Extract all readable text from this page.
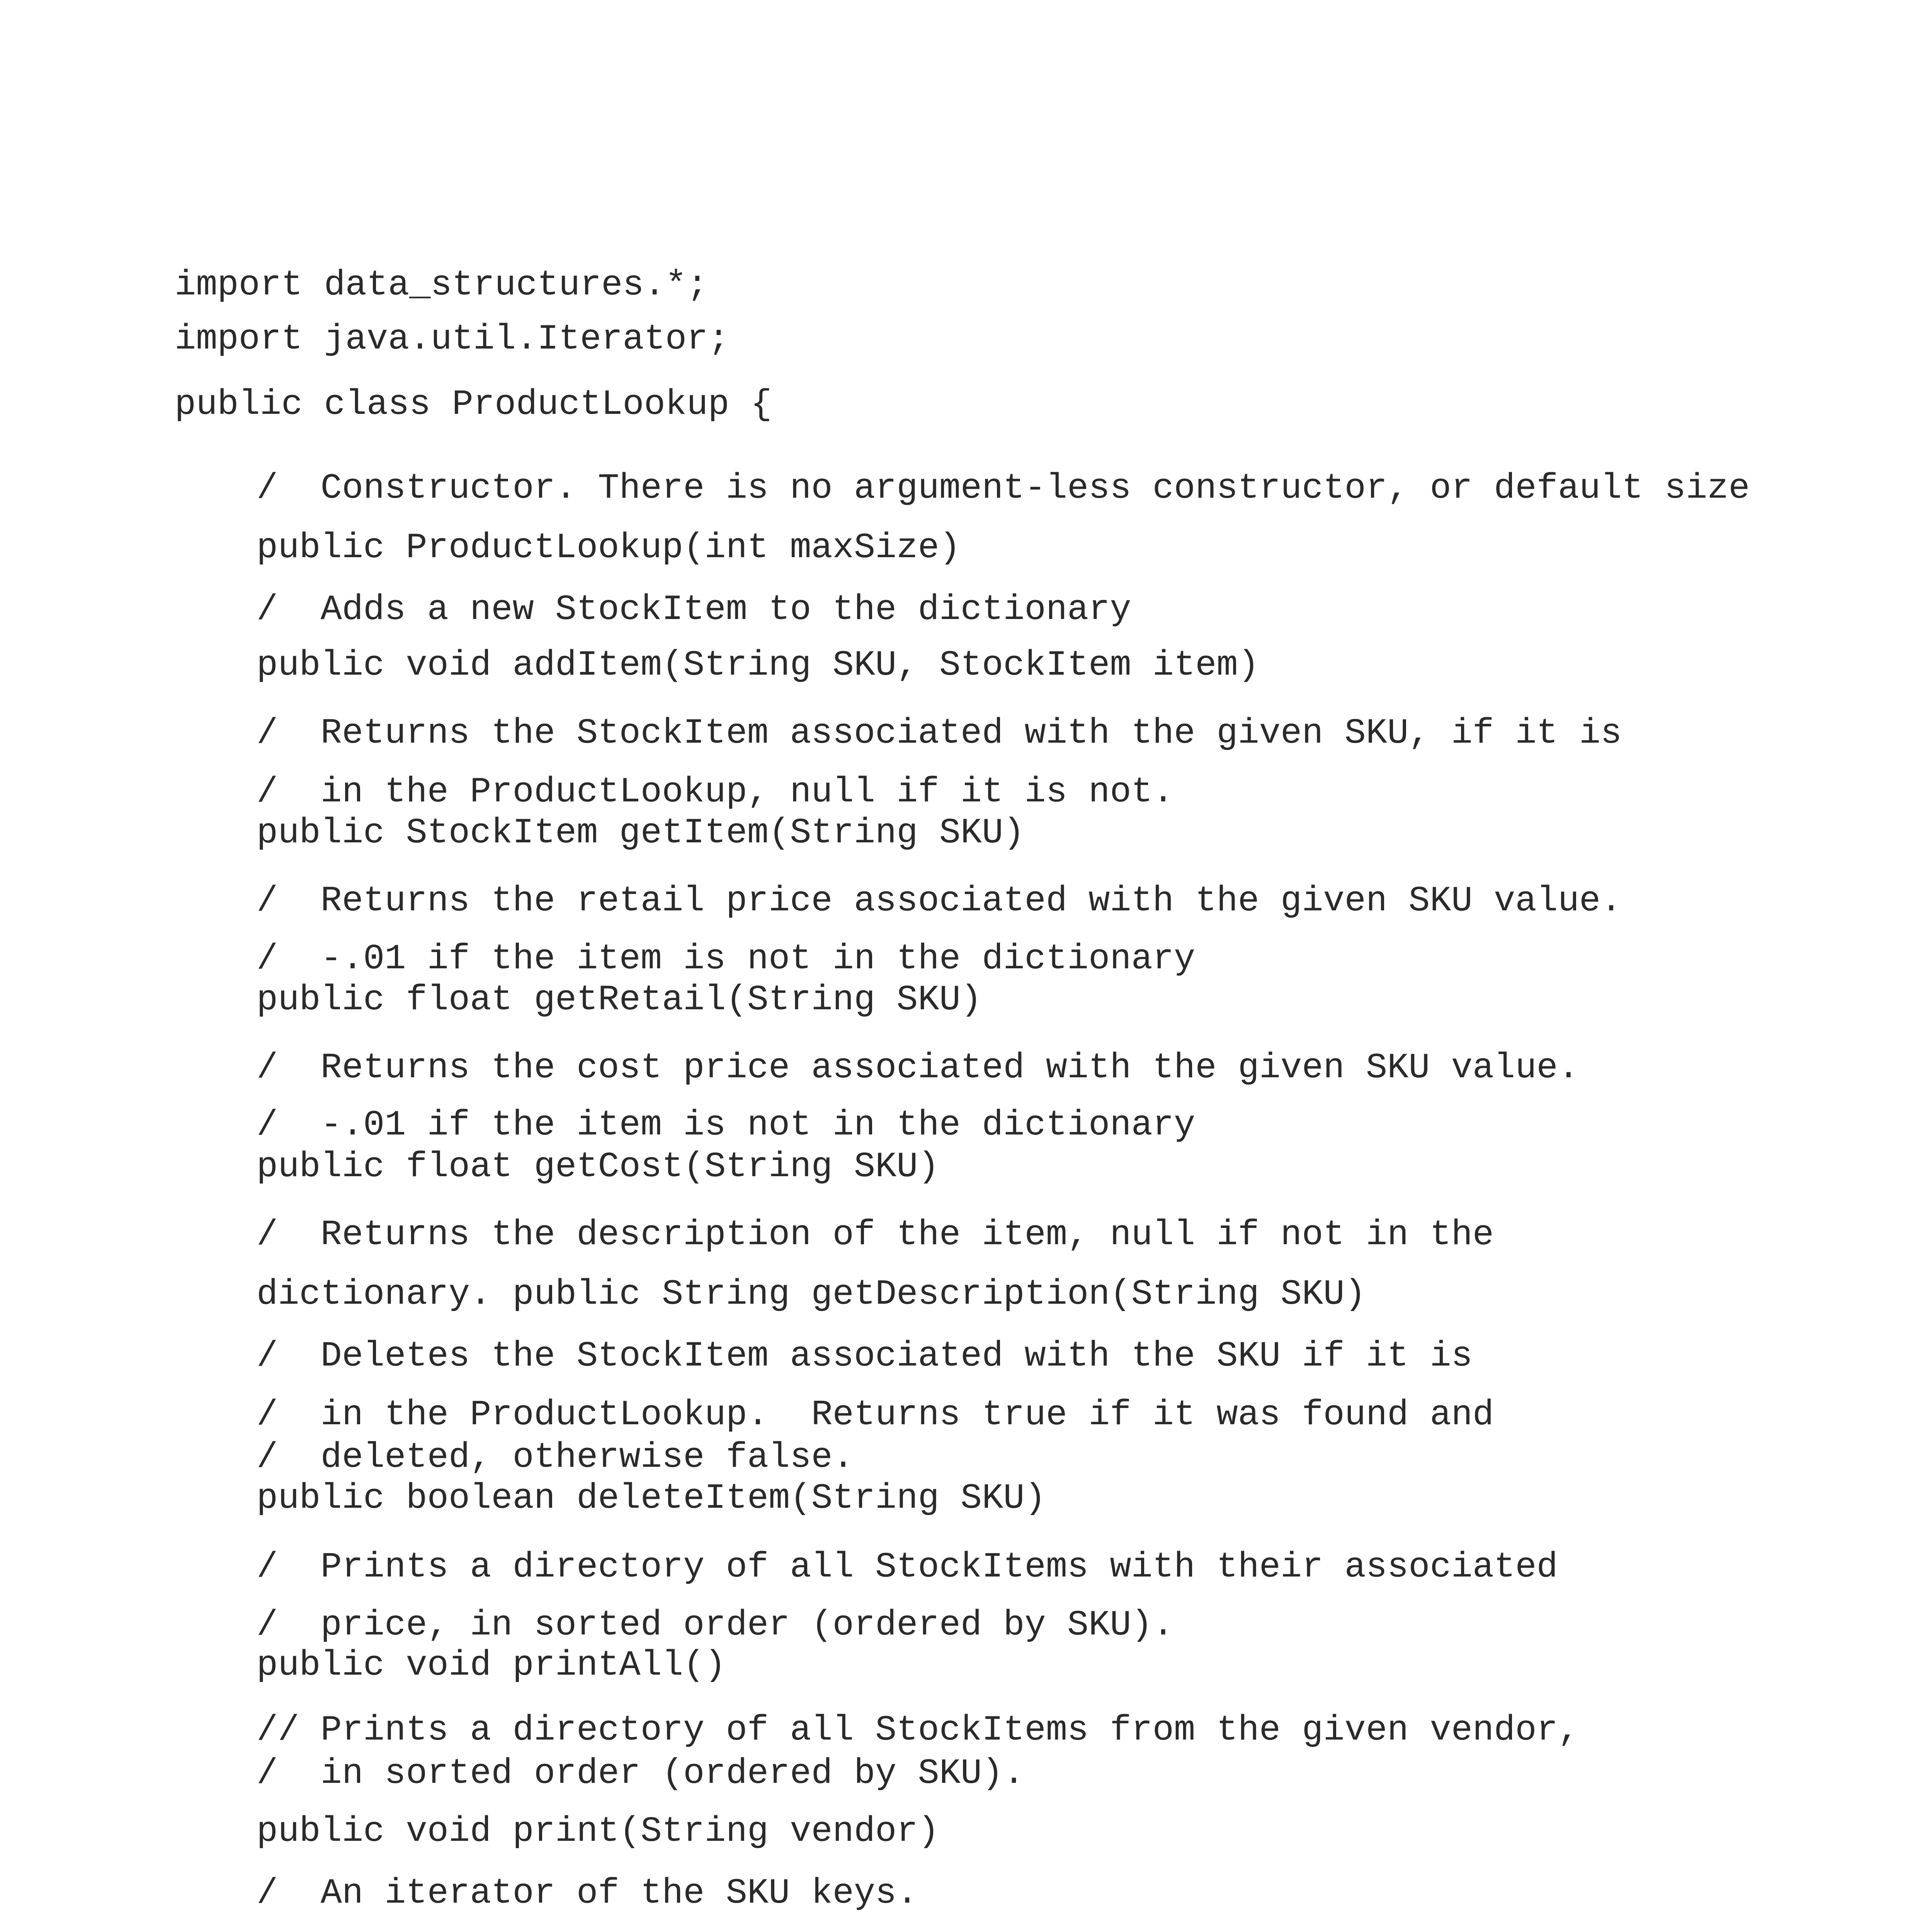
import data_structures.*;
import java.util.Iterator;
public class ProductLookup {
/  Constructor. There is no argument-less constructor, or default size
public ProductLookup(int maxSize)
/  Adds a new StockItem to the dictionary
public void addItem(String SKU, StockItem item)
/  Returns the StockItem associated with the given SKU, if it is
/  in the ProductLookup, null if it is not.
public StockItem getItem(String SKU)
/  Returns the retail price associated with the given SKU value.
/  -.01 if the item is not in the dictionary
public float getRetail(String SKU)
/  Returns the cost price associated with the given SKU value.
/  -.01 if the item is not in the dictionary
public float getCost(String SKU)
/  Returns the description of the item, null if not in the
dictionary. public String getDescription(String SKU)
/  Deletes the StockItem associated with the SKU if it is
/  in the ProductLookup.  Returns true if it was found and
/  deleted, otherwise false.
public boolean deleteItem(String SKU)
/  Prints a directory of all StockItems with their associated
/  price, in sorted order (ordered by SKU).
public void printAll()
// Prints a directory of all StockItems from the given vendor,
/  in sorted order (ordered by SKU).
public void print(String vendor)
/  An iterator of the SKU keys.
